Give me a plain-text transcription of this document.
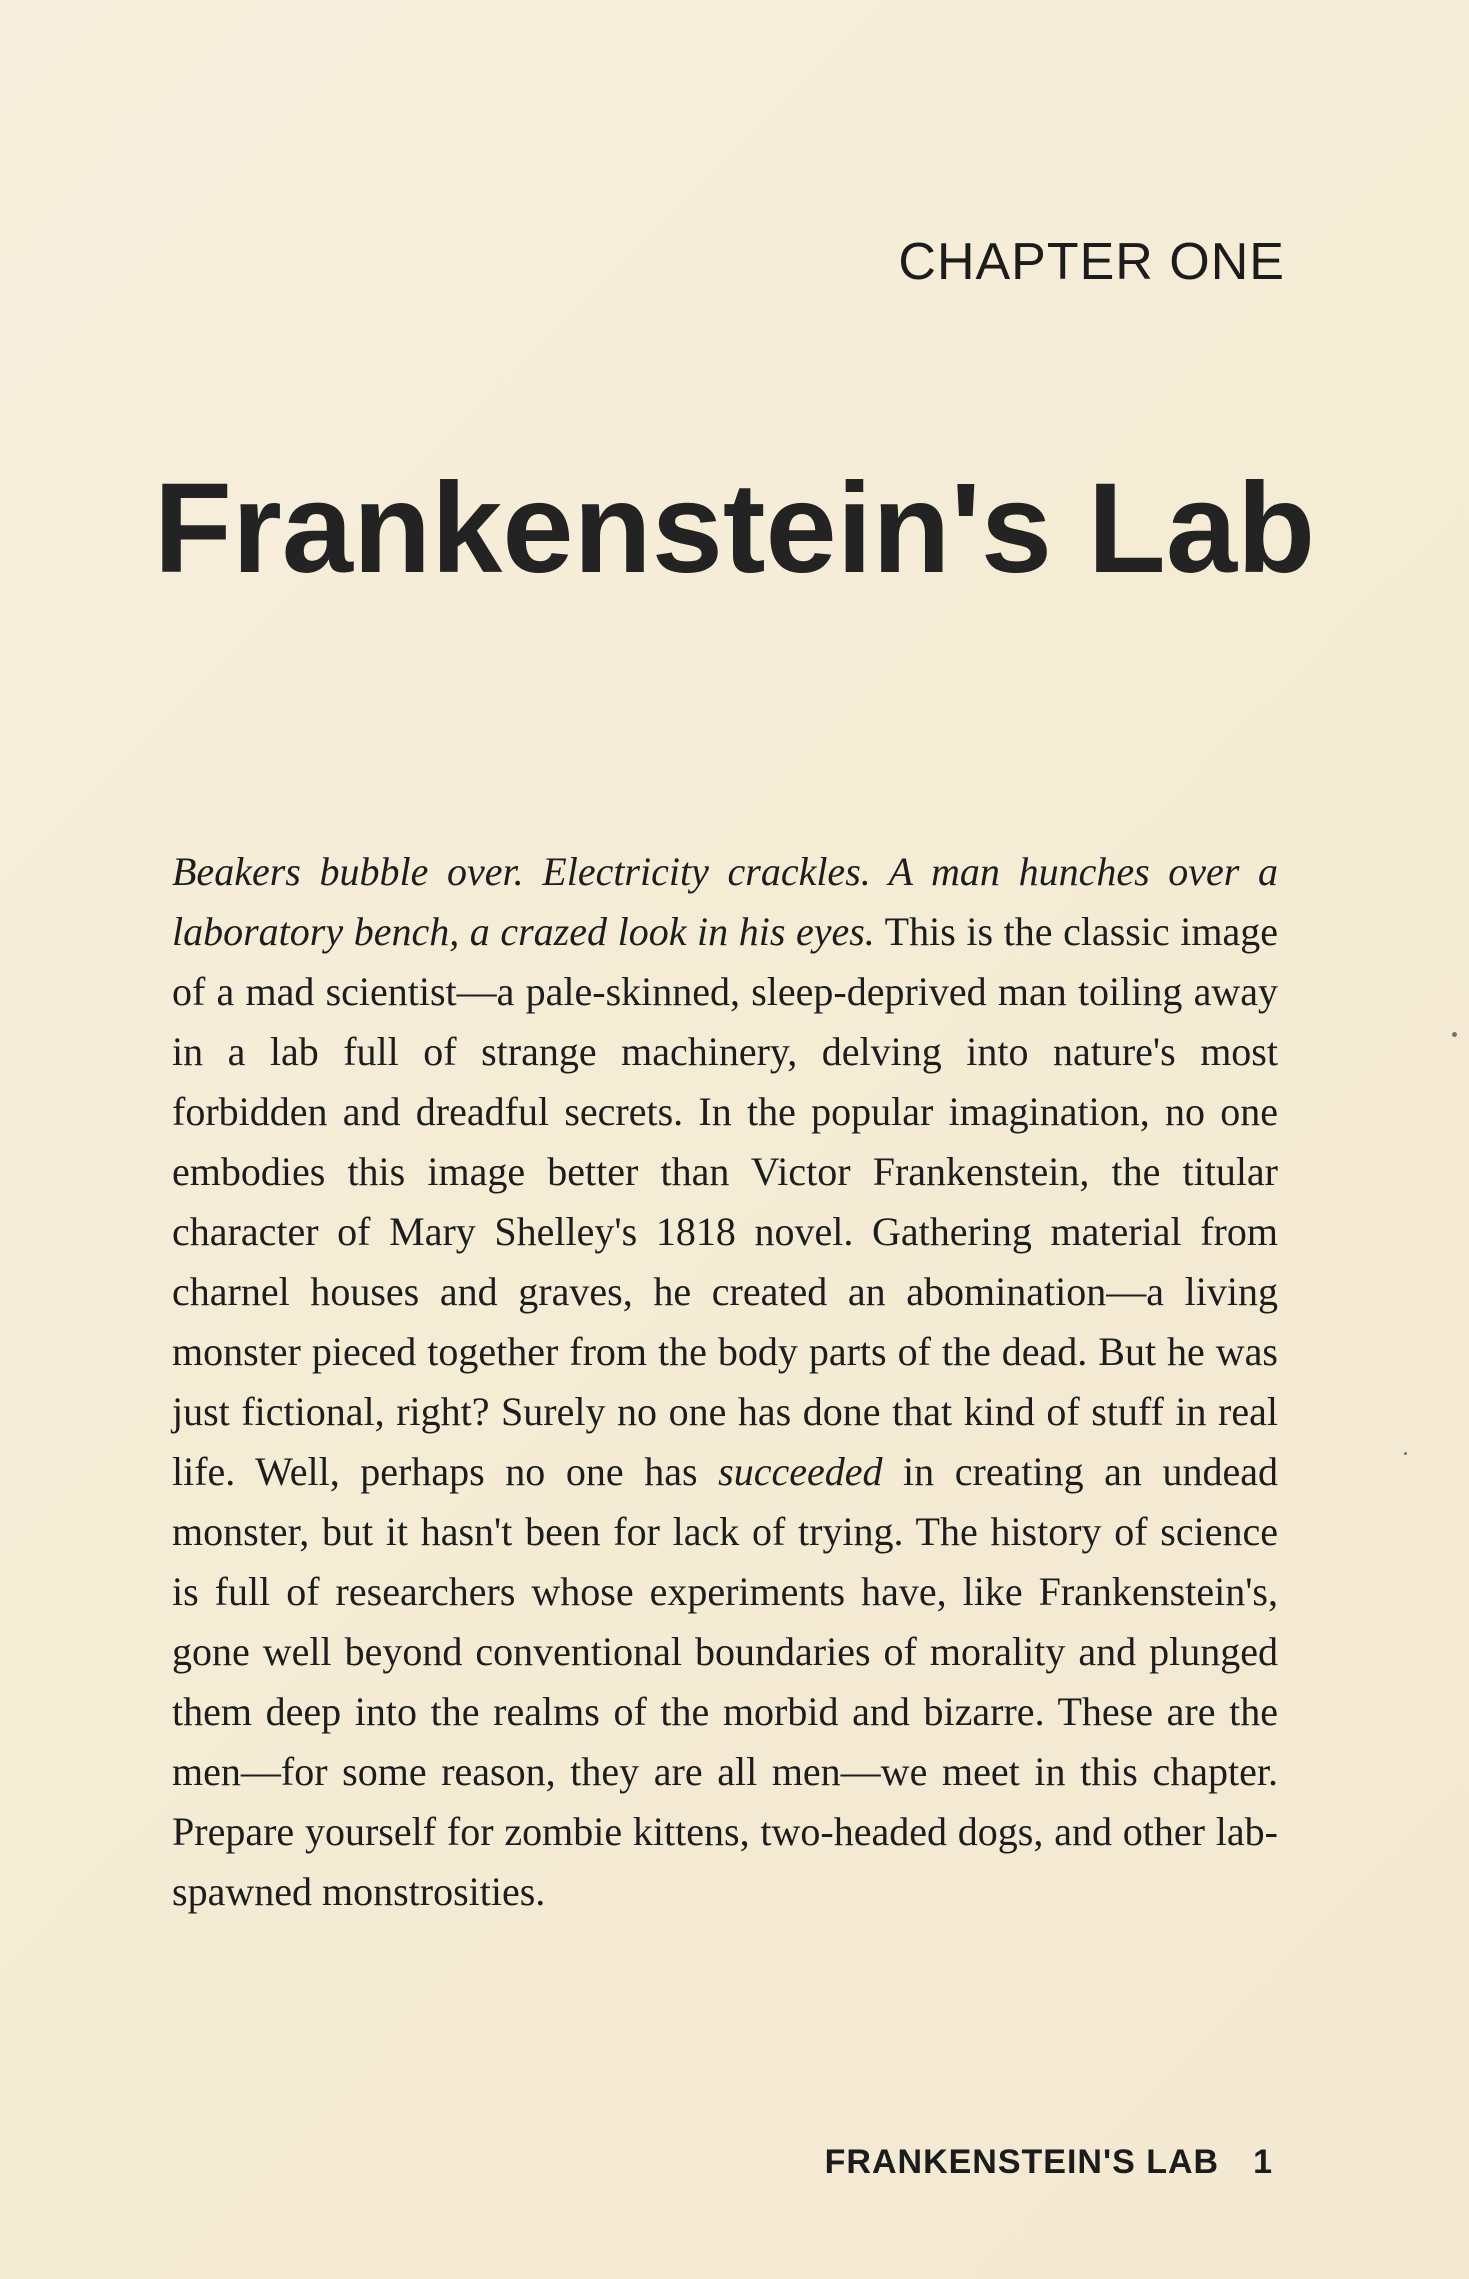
CHAPTER ONE
Frankenstein's Lab
Beakers bubble over. Electricity crackles. A man hunches over a laboratory bench, a crazed look in his eyes. This is the classic image of a mad scientist—a pale-skinned, sleep-deprived man toiling away in a lab full of strange machinery, delving into nature's most forbidden and dreadful secrets. In the popular imagination, no one embodies this image better than Victor Frankenstein, the titular character of Mary Shelley's 1818 novel. Gathering material from charnel houses and graves, he created an abomination—a living monster pieced together from the body parts of the dead. But he was just fictional, right? Surely no one has done that kind of stuff in real life. Well, perhaps no one has succeeded in creating an undead monster, but it hasn't been for lack of trying. The history of science is full of researchers whose experiments have, like Frankenstein's, gone well beyond conventional boundaries of morality and plunged them deep into the realms of the morbid and bizarre. These are the men—for some reason, they are all men—we meet in this chapter. Prepare yourself for zombie kittens, two-headed dogs, and other lab-spawned monstrosities.
FRANKENSTEIN'S LAB 1
